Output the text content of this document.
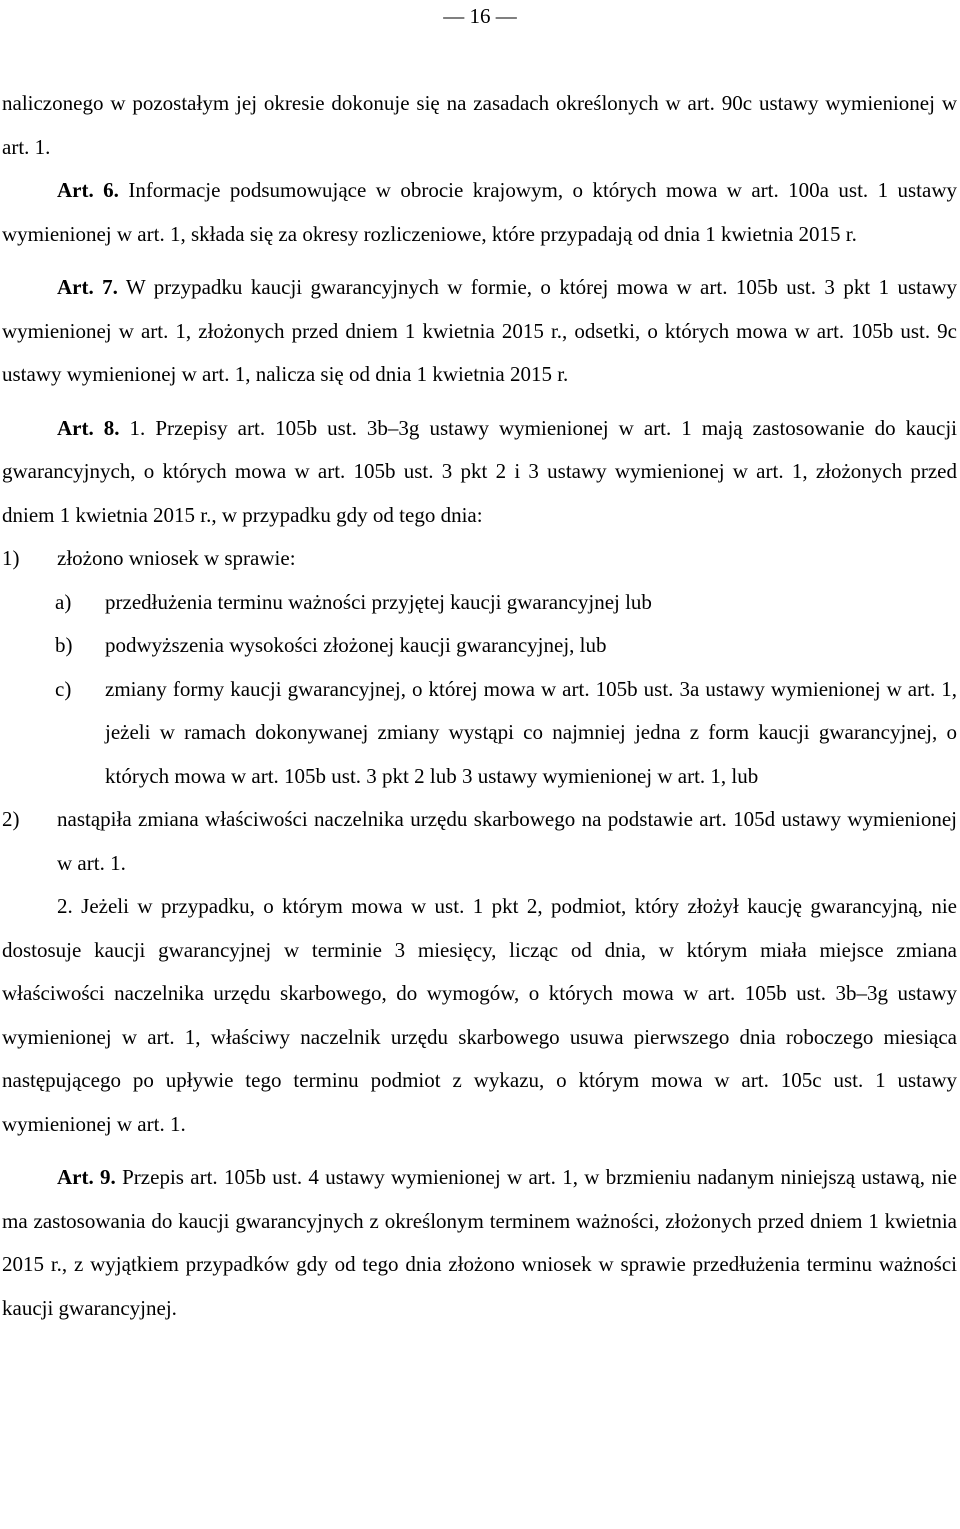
— 16 —

naliczonego w pozostałym jej okresie dokonuje się na zasadach określonych w art. 90c ustawy wymienionej w art. 1.

Art. 6. Informacje podsumowujące w obrocie krajowym, o których mowa w art. 100a ust. 1 ustawy wymienionej w art. 1, składa się za okresy rozliczeniowe, które przypadają od dnia 1 kwietnia 2015 r.

Art. 7. W przypadku kaucji gwarancyjnych w formie, o której mowa w art. 105b ust. 3 pkt 1 ustawy wymienionej w art. 1, złożonych przed dniem 1 kwietnia 2015 r., odsetki, o których mowa w art. 105b ust. 9c ustawy wymienionej w art. 1, nalicza się od dnia 1 kwietnia 2015 r.

Art. 8. 1. Przepisy art. 105b ust. 3b–3g ustawy wymienionej w art. 1 mają zastosowanie do kaucji gwarancyjnych, o których mowa w art. 105b ust. 3 pkt 2 i 3 ustawy wymienionej w art. 1, złożonych przed dniem 1 kwietnia 2015 r., w przypadku gdy od tego dnia:

1) złożono wniosek w sprawie:
a) przedłużenia terminu ważności przyjętej kaucji gwarancyjnej lub
b) podwyższenia wysokości złożonej kaucji gwarancyjnej, lub
c) zmiany formy kaucji gwarancyjnej, o której mowa w art. 105b ust. 3a ustawy wymienionej w art. 1, jeżeli w ramach dokonywanej zmiany wystąpi co najmniej jedna z form kaucji gwarancyjnej, o których mowa w art. 105b ust. 3 pkt 2 lub 3 ustawy wymienionej w art. 1, lub
2) nastąpiła zmiana właściwości naczelnika urzędu skarbowego na podstawie art. 105d ustawy wymienionej w art. 1.

2. Jeżeli w przypadku, o którym mowa w ust. 1 pkt 2, podmiot, który złożył kaucję gwarancyjną, nie dostosuje kaucji gwarancyjnej w terminie 3 miesięcy, licząc od dnia, w którym miała miejsce zmiana właściwości naczelnika urzędu skarbowego, do wymogów, o których mowa w art. 105b ust. 3b–3g ustawy wymienionej w art. 1, właściwy naczelnik urzędu skarbowego usuwa pierwszego dnia roboczego miesiąca następującego po upływie tego terminu podmiot z wykazu, o którym mowa w art. 105c ust. 1 ustawy wymienionej w art. 1.

Art. 9. Przepis art. 105b ust. 4 ustawy wymienionej w art. 1, w brzmieniu nadanym niniejszą ustawą, nie ma zastosowania do kaucji gwarancyjnych z określonym terminem ważności, złożonych przed dniem 1 kwietnia 2015 r., z wyjątkiem przypadków gdy od tego dnia złożono wniosek w sprawie przedłużenia terminu ważności kaucji gwarancyjnej.
